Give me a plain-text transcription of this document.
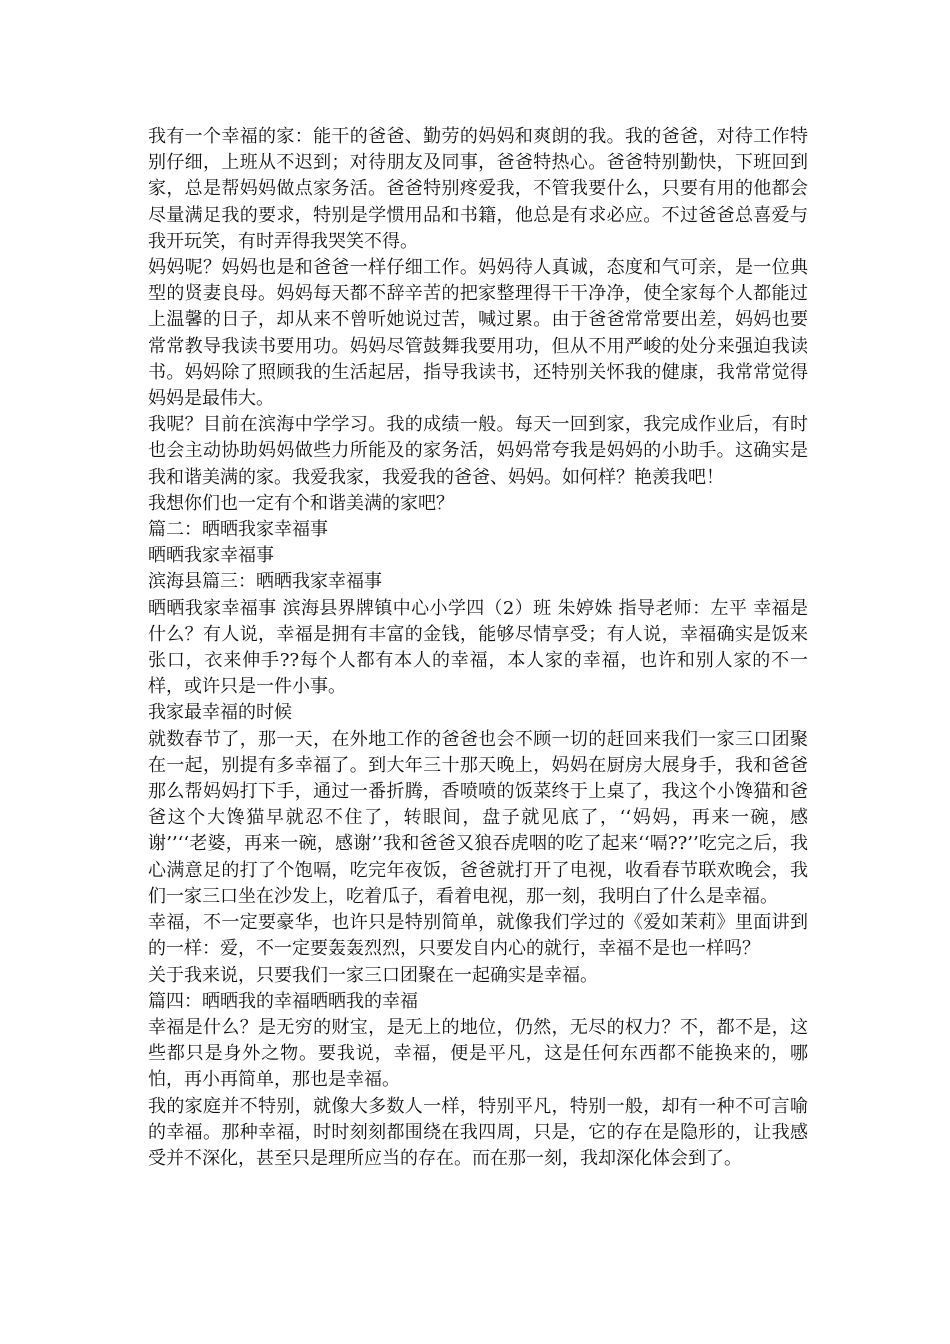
我有一个幸福的家：能干的爸爸、勤劳的妈妈和爽朗的我。我的爸爸，对待工作特别仔细，上班从不迟到；对待朋友及同事，爸爸特热心。爸爸特别勤快，下班回到家，总是帮妈妈做点家务活。爸爸特别疼爱我，不管我要什么，只要有用的他都会尽量满足我的要求，特别是学惯用品和书籍，他总是有求必应。不过爸爸总喜爱与我开玩笑，有时弄得我哭笑不得。

妈妈呢？妈妈也是和爸爸一样仔细工作。妈妈待人真诚，态度和气可亲，是一位典型的贤妻良母。妈妈每天都不辞辛苦的把家整理得干干净净，使全家每个人都能过上温馨的日子，却从来不曾听她说过苦，喊过累。由于爸爸常常要出差，妈妈也要常常教导我读书要用功。妈妈尽管鼓舞我要用功，但从不用严峻的处分来强迫我读书。妈妈除了照顾我的生活起居，指导我读书，还特别关怀我的健康，我常常觉得妈妈是最伟大。

我呢？目前在滨海中学学习。我的成绩一般。每天一回到家，我完成作业后，有时也会主动协助妈妈做些力所能及的家务活，妈妈常夸我是妈妈的小助手。这确实是我和谐美满的家。我爱我家，我爱我的爸爸、妈妈。如何样？艳羡我吧！

我想你们也一定有个和谐美满的家吧？

篇二：晒晒我家幸福事

晒晒我家幸福事

滨海县篇三：晒晒我家幸福事

晒晒我家幸福事 滨海县界牌镇中心小学四（2）班 朱婷姝 指导老师：左平 幸福是什么？有人说，幸福是拥有丰富的金钱，能够尽情享受；有人说，幸福确实是饭来张口，衣来伸手??每个人都有本人的幸福，本人家的幸福，也许和别人家的不一样，或许只是一件小事。

我家最幸福的时候

就数春节了，那一天，在外地工作的爸爸也会不顾一切的赶回来我们一家三口团聚在一起，别提有多幸福了。到大年三十那天晚上，妈妈在厨房大展身手，我和爸爸那么帮妈妈打下手，通过一番折腾，香喷喷的饭菜终于上桌了，我这个小馋猫和爸爸这个大馋猫早就忍不住了，转眼间，盘子就见底了，‘‘妈妈，再来一碗，感谢’’‘‘老婆，再来一碗，感谢’’我和爸爸又狼吞虎咽的吃了起来‘‘嗝??’’吃完之后，我心满意足的打了个饱嗝，吃完年夜饭，爸爸就打开了电视，收看春节联欢晚会，我们一家三口坐在沙发上，吃着瓜子，看着电视，那一刻，我明白了什么是幸福。

幸福，不一定要豪华，也许只是特别简单，就像我们学过的《爱如茉莉》里面讲到的一样：爱，不一定要轰轰烈烈，只要发自内心的就行，幸福不是也一样吗？

关于我来说，只要我们一家三口团聚在一起确实是幸福。

篇四：晒晒我的幸福晒晒我的幸福

幸福是什么？是无穷的财宝，是无上的地位，仍然，无尽的权力？不，都不是，这些都只是身外之物。要我说，幸福，便是平凡，这是任何东西都不能换来的，哪怕，再小再简单，那也是幸福。

我的家庭并不特别，就像大多数人一样，特别平凡，特别一般，却有一种不可言喻的幸福。那种幸福，时时刻刻都围绕在我四周，只是，它的存在是隐形的，让我感受并不深化，甚至只是理所应当的存在。而在那一刻，我却深化体会到了。
